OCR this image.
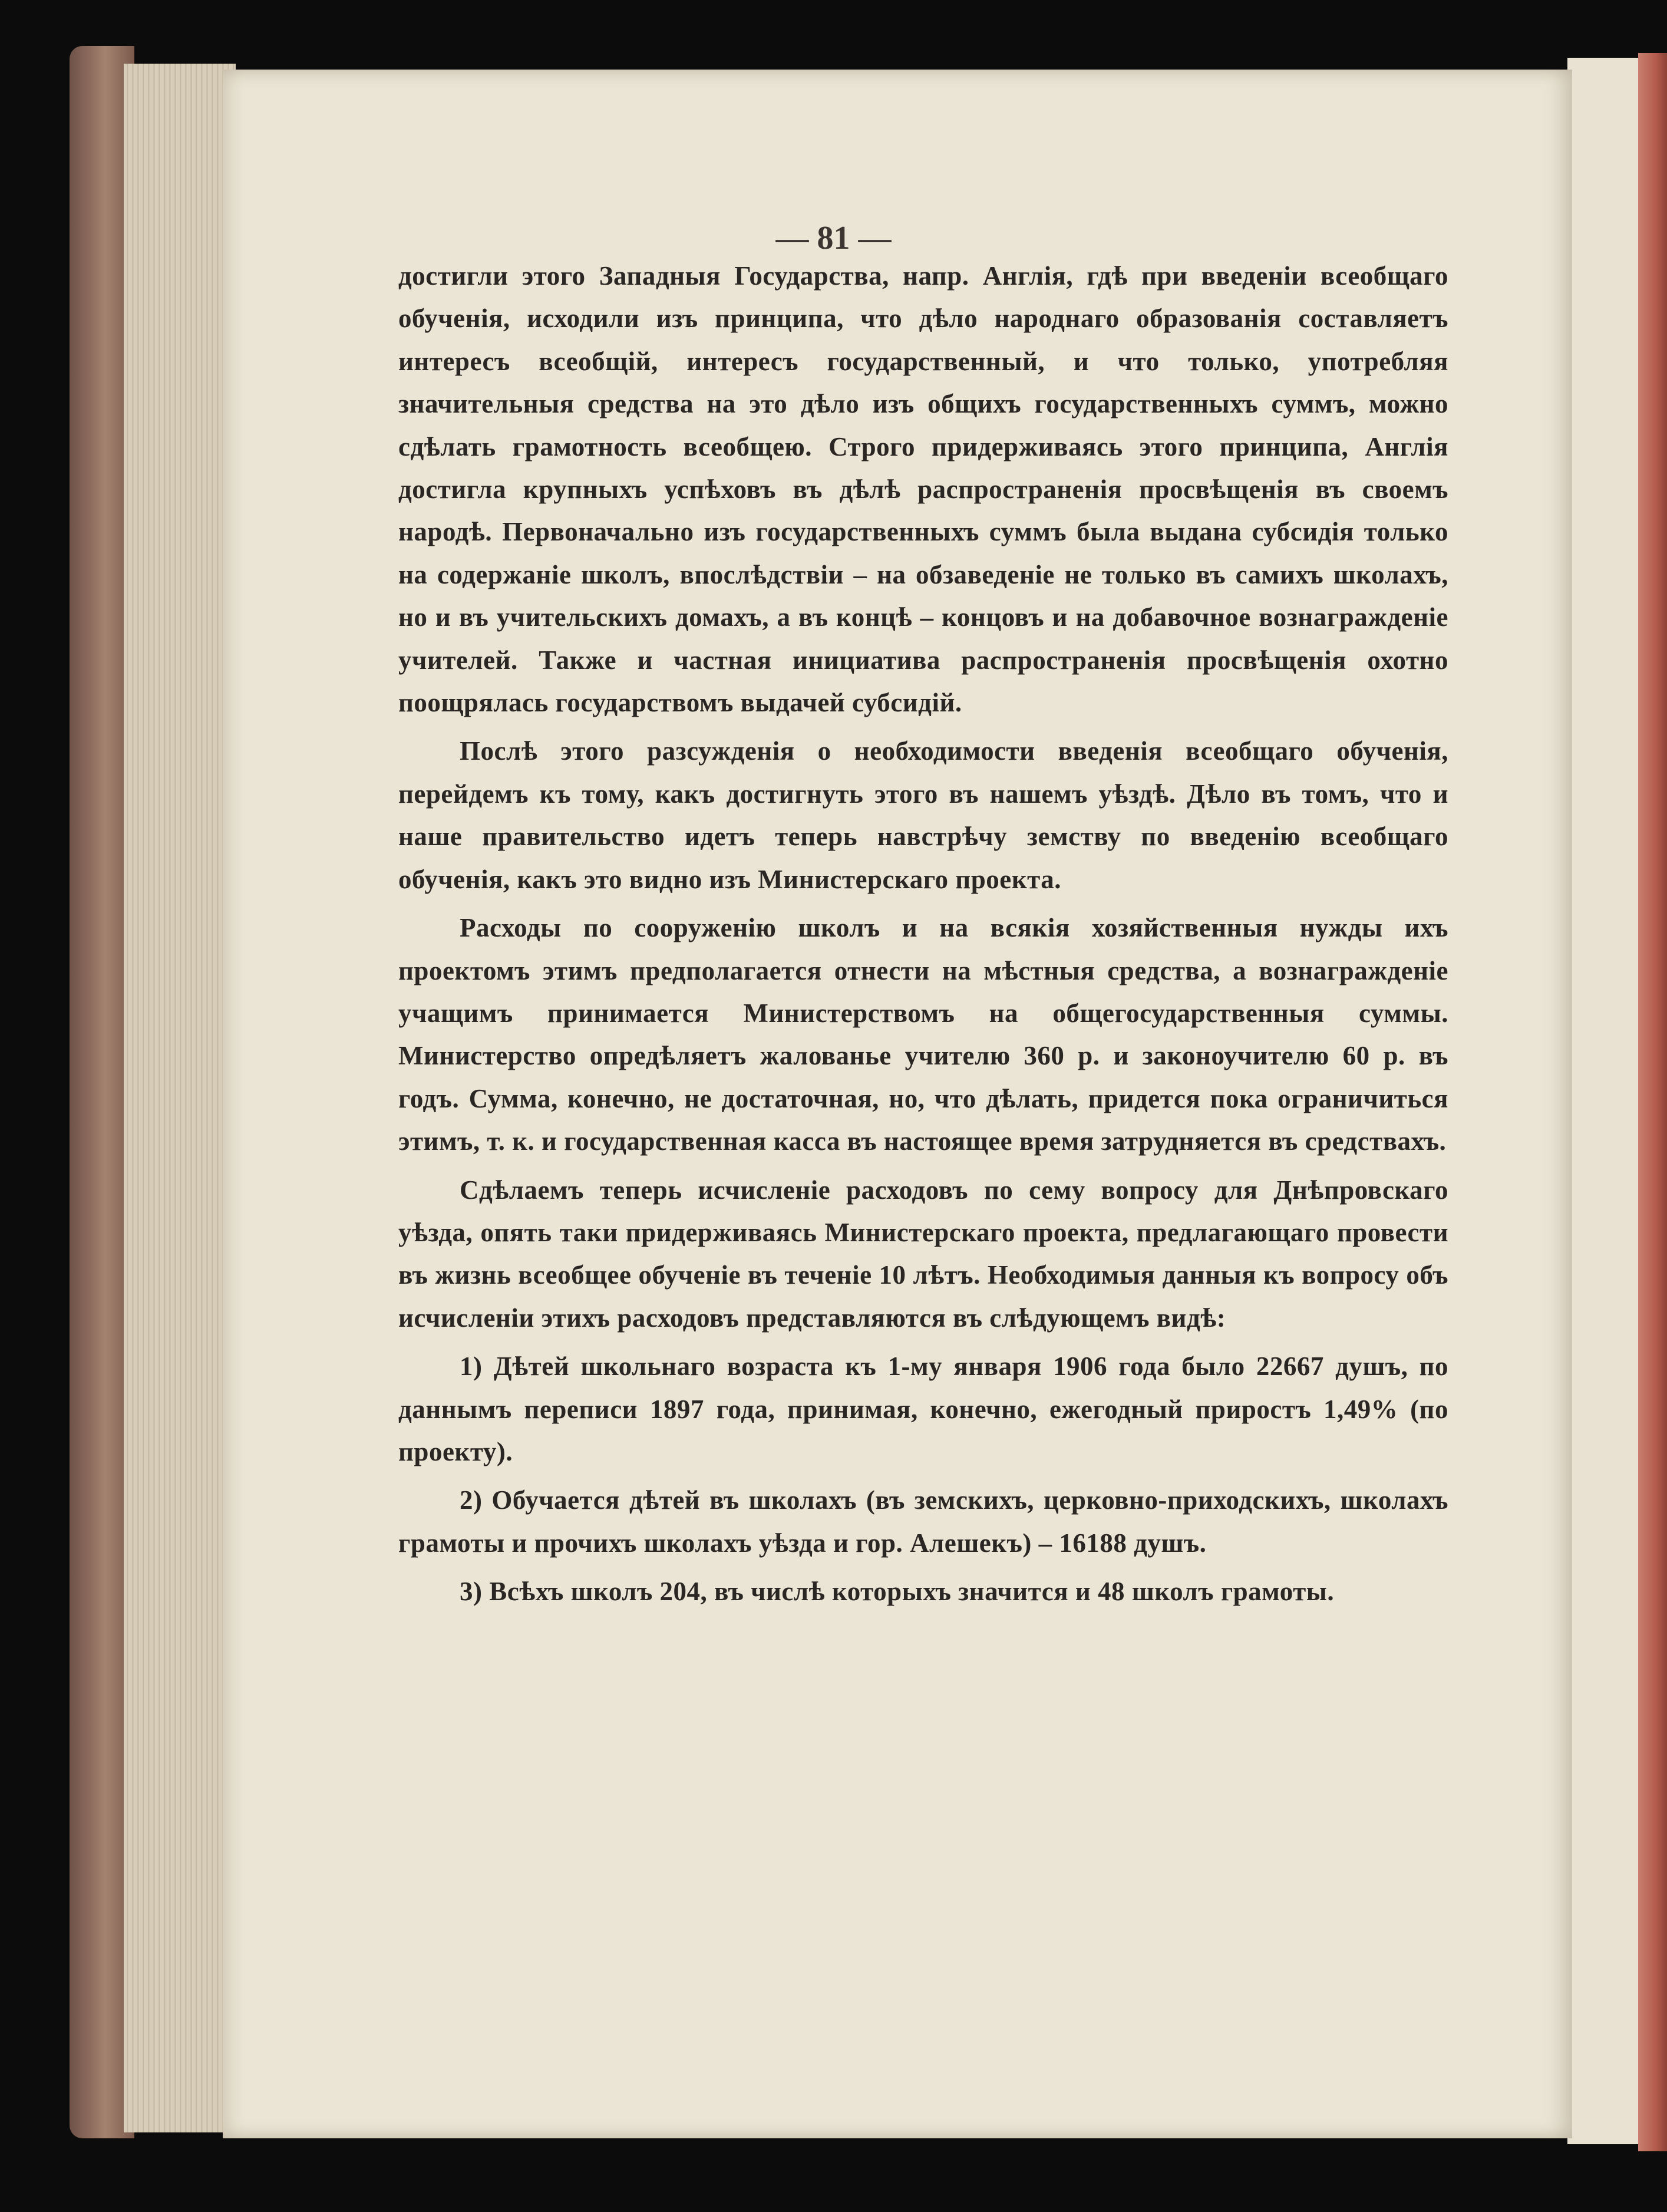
— 81 —

достигли этого Западныя Государства, напр. Англія, гдѣ при введеніи всеобщаго обученія, исходили изъ принципа, что дѣло народнаго образованія составляетъ интересъ всеобщій, интересъ государственный, и что только, употребляя значительныя средства на это дѣло изъ общихъ государственныхъ суммъ, можно сдѣлать грамотность всеобщею. Строго придерживаясь этого принципа, Англія достигла крупныхъ успѣховъ въ дѣлѣ распространенія просвѣщенія въ своемъ народѣ. Первоначально изъ государственныхъ суммъ была выдана субсидія только на содержаніе школъ, впослѣдствіи – на обзаведеніе не только въ самихъ школахъ, но и въ учительскихъ домахъ, а въ концѣ – концовъ и на добавочное вознагражденіе учителей. Также и частная инициатива распространенія просвѣщенія охотно поощрялась государствомъ выдачей субсидій.

Послѣ этого разсужденія о необходимости введенія всеобщаго обученія, перейдемъ къ тому, какъ достигнуть этого въ нашемъ уѣздѣ. Дѣло въ томъ, что и наше правительство идетъ теперь навстрѣчу земству по введенію всеобщаго обученія, какъ это видно изъ Министерскаго проекта.

Расходы по сооруженію школъ и на всякія хозяйственныя нужды ихъ проектомъ этимъ предполагается отнести на мѣстныя средства, а вознагражденіе учащимъ принимается Министерствомъ на общегосударственныя суммы. Министерство опредѣляетъ жалованье учителю 360 р. и законоучителю 60 р. въ годъ. Сумма, конечно, не достаточная, но, что дѣлать, придется пока ограничиться этимъ, т. к. и государственная касса въ настоящее время затрудняется въ средствахъ.

Сдѣлаемъ теперь исчисленіе расходовъ по сему вопросу для Днѣпровскаго уѣзда, опять таки придерживаясь Министерскаго проекта, предлагающаго провести въ жизнь всеобщее обученіе въ теченіе 10 лѣтъ. Необходимыя данныя къ вопросу объ исчисленіи этихъ расходовъ представляются въ слѣдующемъ видѣ:

1) Дѣтей школьнаго возраста къ 1-му января 1906 года было 22667 душъ, по даннымъ переписи 1897 года, принимая, конечно, ежегодный приростъ 1,49% (по проекту).

2) Обучается дѣтей въ школахъ (въ земскихъ, церковно-приходскихъ, школахъ грамоты и прочихъ школахъ уѣзда и гор. Алешекъ) – 16188 душъ.

3) Всѣхъ школъ 204, въ числѣ которыхъ значится и 48 школъ грамоты.
